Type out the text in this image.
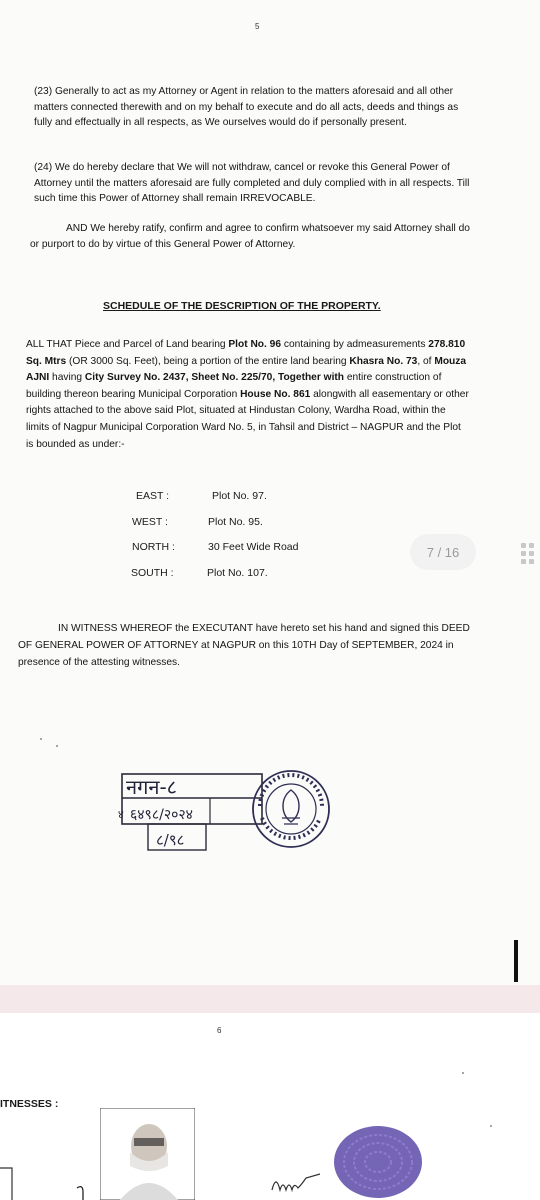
5
(23) Generally to act as my Attorney or Agent in relation to the matters aforesaid and all other matters connected therewith and on my behalf to execute and do all acts, deeds and things as fully and effectually in all respects, as We ourselves would do if personally present.
(24) We do hereby declare that We will not withdraw, cancel or revoke this General Power of Attorney until the matters aforesaid are fully completed and duly complied with in all respects. Till such time this Power of Attorney shall remain IRREVOCABLE.
AND We hereby ratify, confirm and agree to confirm whatsoever my said Attorney shall do or purport to do by virtue of this General Power of Attorney.
SCHEDULE OF THE DESCRIPTION OF THE PROPERTY.
ALL THAT Piece and Parcel of Land bearing Plot No. 96 containing by admeasurements 278.810 Sq. Mtrs (OR 3000 Sq. Feet), being a portion of the entire land bearing Khasra No. 73, of Mouza AJNI having City Survey No. 2437, Sheet No. 225/70, Together with entire construction of building thereon bearing Municipal Corporation House No. 861 alongwith all easementary or other rights attached to the above said Plot, situated at Hindustan Colony, Wardha Road, within the limits of Nagpur Municipal Corporation Ward No. 5, in Tahsil and District – NAGPUR and the Plot is bounded as under:-
EAST :	Plot No. 97.
WEST :	Plot No. 95.
NORTH :	30 Feet Wide Road
SOUTH :	Plot No. 107.
7 / 16
IN WITNESS WHEREOF the EXECUTANT have hereto set his hand and signed this DEED OF GENERAL POWER OF ATTORNEY at NAGPUR on this 10TH Day of SEPTEMBER, 2024 in presence of the attesting witnesses.
नगन-८
६४९८/२०२४
८/९८
४
6
ITNESSES :
